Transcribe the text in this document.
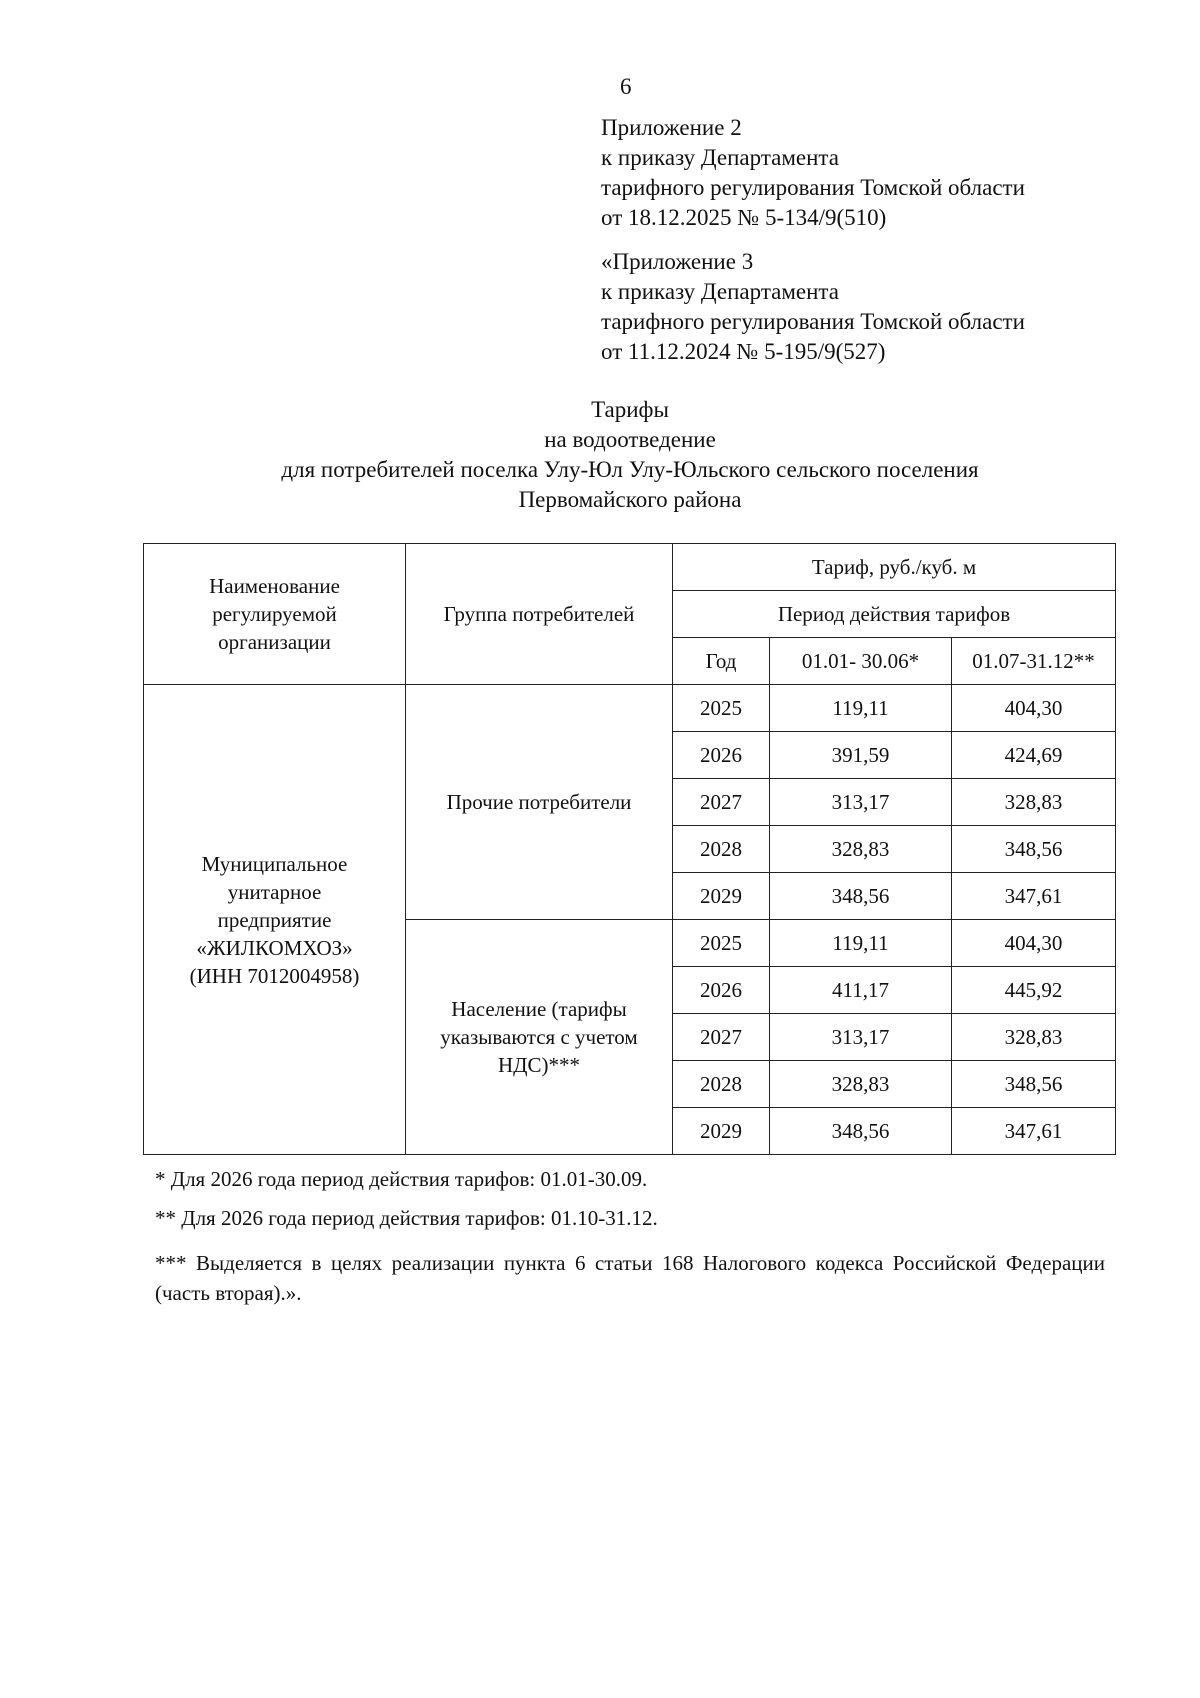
6
Приложение 2
к приказу Департамента
тарифного регулирования Томской области
от 18.12.2025 № 5-134/9(510)
«Приложение 3
к приказу Департамента
тарифного регулирования Томской области
от 11.12.2024 № 5-195/9(527)
Тарифы
на водоотведение
для потребителей поселка Улу-Юл Улу-Юльского сельского поселения
Первомайского района
Наименование регулируемой организации	Группа потребителей	Тариф, руб./куб. м		
		Период действия тарифов		
		Год	01.01- 30.06*	01.07-31.12**
Муниципальное унитарное предприятие «ЖИЛКОМХОЗ» (ИНН 7012004958)	Прочие потребители	2025	119,11	404,30
		2026	391,59	424,69
		2027	313,17	328,83
		2028	328,83	348,56
		2029	348,56	347,61
	Население (тарифы указываются с учетом НДС)***	2025	119,11	404,30
		2026	411,17	445,92
		2027	313,17	328,83
		2028	328,83	348,56
		2029	348,56	347,61
* Для 2026 года период действия тарифов: 01.01-30.09.
** Для 2026 года период действия тарифов: 01.10-31.12.
*** Выделяется в целях реализации пункта 6 статьи 168 Налогового кодекса Российской Федерации (часть вторая).».
